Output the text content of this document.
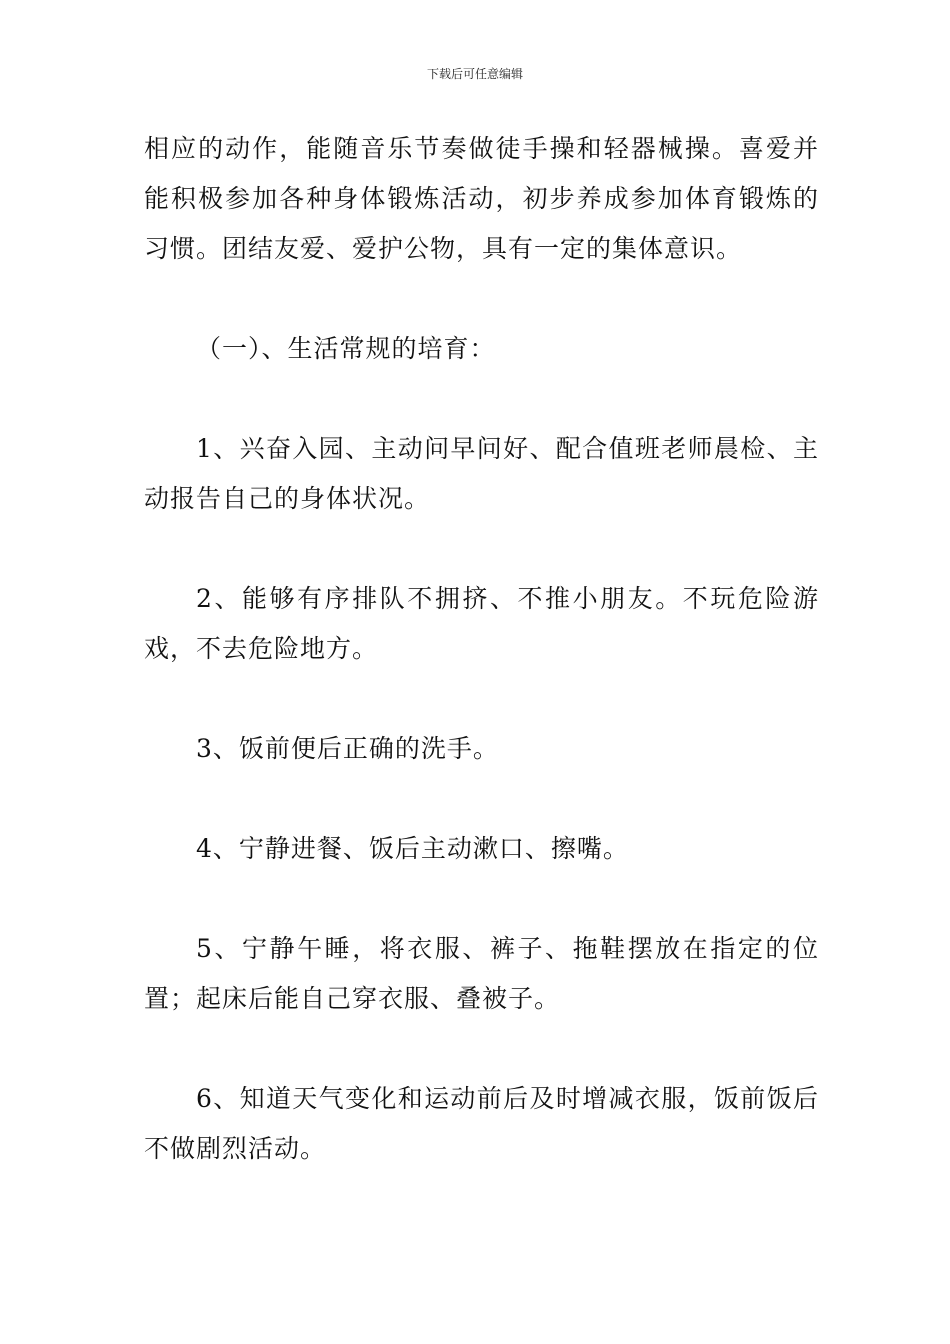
下载后可任意编辑

相应的动作，能随音乐节奏做徒手操和轻器械操。喜爱并能积极参加各种身体锻炼活动，初步养成参加体育锻炼的习惯。团结友爱、爱护公物，具有一定的集体意识。

（一）、生活常规的培育：

1、兴奋入园、主动问早问好、配合值班老师晨检、主动报告自己的身体状况。

2、能够有序排队不拥挤、不推小朋友。不玩危险游戏，不去危险地方。

3、饭前便后正确的洗手。

4、宁静进餐、饭后主动漱口、擦嘴。

5、宁静午睡，将衣服、裤子、拖鞋摆放在指定的位置；起床后能自己穿衣服、叠被子。

6、知道天气变化和运动前后及时增减衣服，饭前饭后不做剧烈活动。
